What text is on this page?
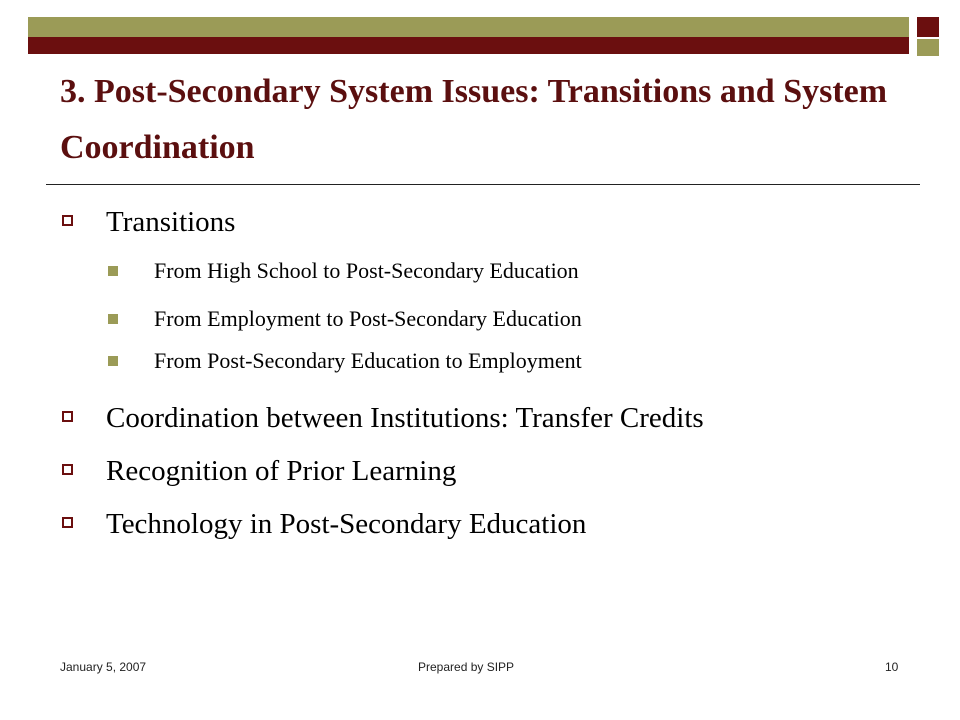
3. Post-Secondary System Issues: Transitions and System Coordination
Transitions
From High School to Post-Secondary Education
From Employment to Post-Secondary Education
From Post-Secondary Education to Employment
Coordination between Institutions: Transfer Credits
Recognition of Prior Learning
Technology in Post-Secondary Education
January 5, 2007	Prepared by SIPP	10
